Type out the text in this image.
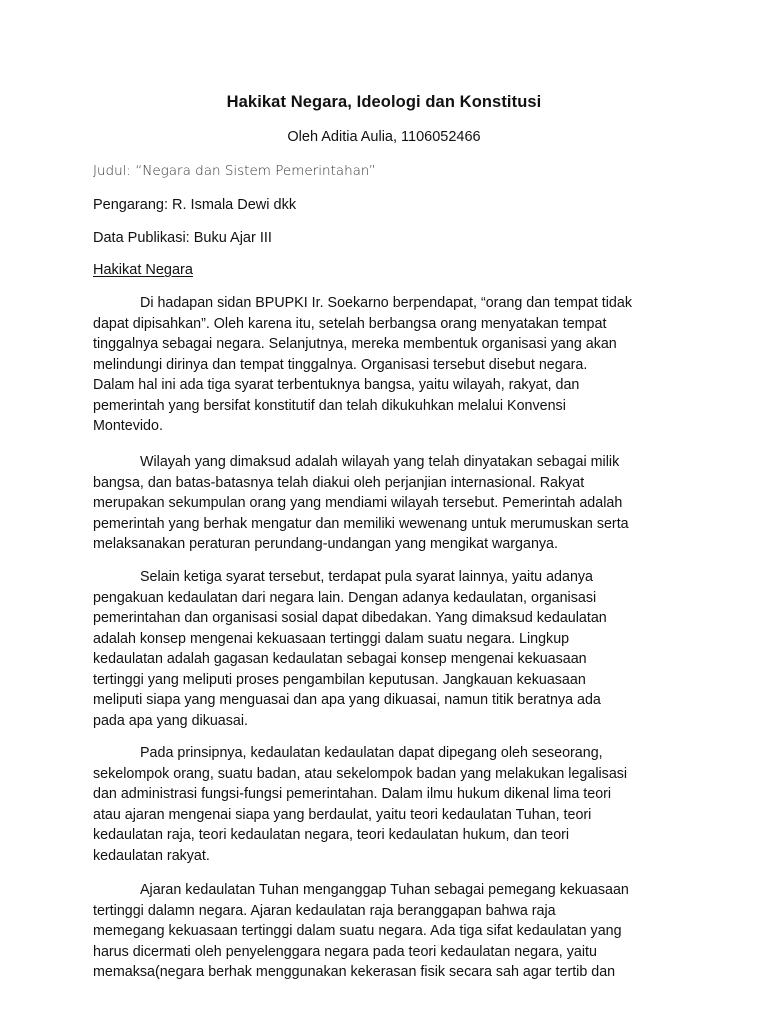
Hakikat Negara, Ideologi dan Konstitusi
Oleh Aditia Aulia, 1106052466
Judul: “Negara dan Sistem Pemerintahan”
Pengarang: R. Ismala Dewi dkk
Data Publikasi: Buku Ajar III
Hakikat Negara
Di hadapan sidan BPUPKI Ir. Soekarno berpendapat, “orang dan tempat tidak
dapat dipisahkan”. Oleh karena itu, setelah berbangsa orang menyatakan tempat
tinggalnya sebagai negara. Selanjutnya, mereka membentuk organisasi yang akan
melindungi dirinya dan tempat tinggalnya. Organisasi tersebut disebut negara.
Dalam hal ini ada tiga syarat terbentuknya bangsa, yaitu wilayah, rakyat, dan
pemerintah yang bersifat konstitutif dan telah dikukuhkan melalui Konvensi
Montevido.
Wilayah yang dimaksud adalah wilayah yang telah dinyatakan sebagai milik
bangsa, dan batas-batasnya telah diakui oleh perjanjian internasional. Rakyat
merupakan sekumpulan orang yang mendiami wilayah tersebut. Pemerintah adalah
pemerintah yang berhak mengatur dan memiliki wewenang untuk merumuskan serta
melaksanakan peraturan perundang-undangan yang mengikat warganya.
Selain ketiga syarat tersebut, terdapat pula syarat lainnya, yaitu adanya
pengakuan kedaulatan dari negara lain. Dengan adanya kedaulatan, organisasi
pemerintahan dan organisasi sosial dapat dibedakan. Yang dimaksud kedaulatan
adalah konsep mengenai kekuasaan tertinggi dalam suatu negara. Lingkup
kedaulatan adalah gagasan kedaulatan sebagai konsep mengenai kekuasaan
tertinggi yang meliputi proses pengambilan keputusan. Jangkauan kekuasaan
meliputi siapa yang menguasai dan apa yang dikuasai, namun titik beratnya ada
pada apa yang dikuasai.
Pada prinsipnya, kedaulatan kedaulatan dapat dipegang oleh seseorang,
sekelompok orang, suatu badan, atau sekelompok badan yang melakukan legalisasi
dan administrasi fungsi-fungsi pemerintahan. Dalam ilmu hukum dikenal lima teori
atau ajaran mengenai siapa yang berdaulat, yaitu teori kedaulatan Tuhan, teori
kedaulatan raja, teori kedaulatan negara, teori kedaulatan hukum, dan teori
kedaulatan rakyat.
Ajaran kedaulatan Tuhan menganggap Tuhan sebagai pemegang kekuasaan
tertinggi dalamn negara. Ajaran kedaulatan raja beranggapan bahwa raja
memegang kekuasaan tertinggi dalam suatu negara. Ada tiga sifat kedaulatan yang
harus dicermati oleh penyelenggara negara pada teori kedaulatan negara, yaitu
memaksa(negara berhak menggunakan kekerasan fisik secara sah agar tertib dan
